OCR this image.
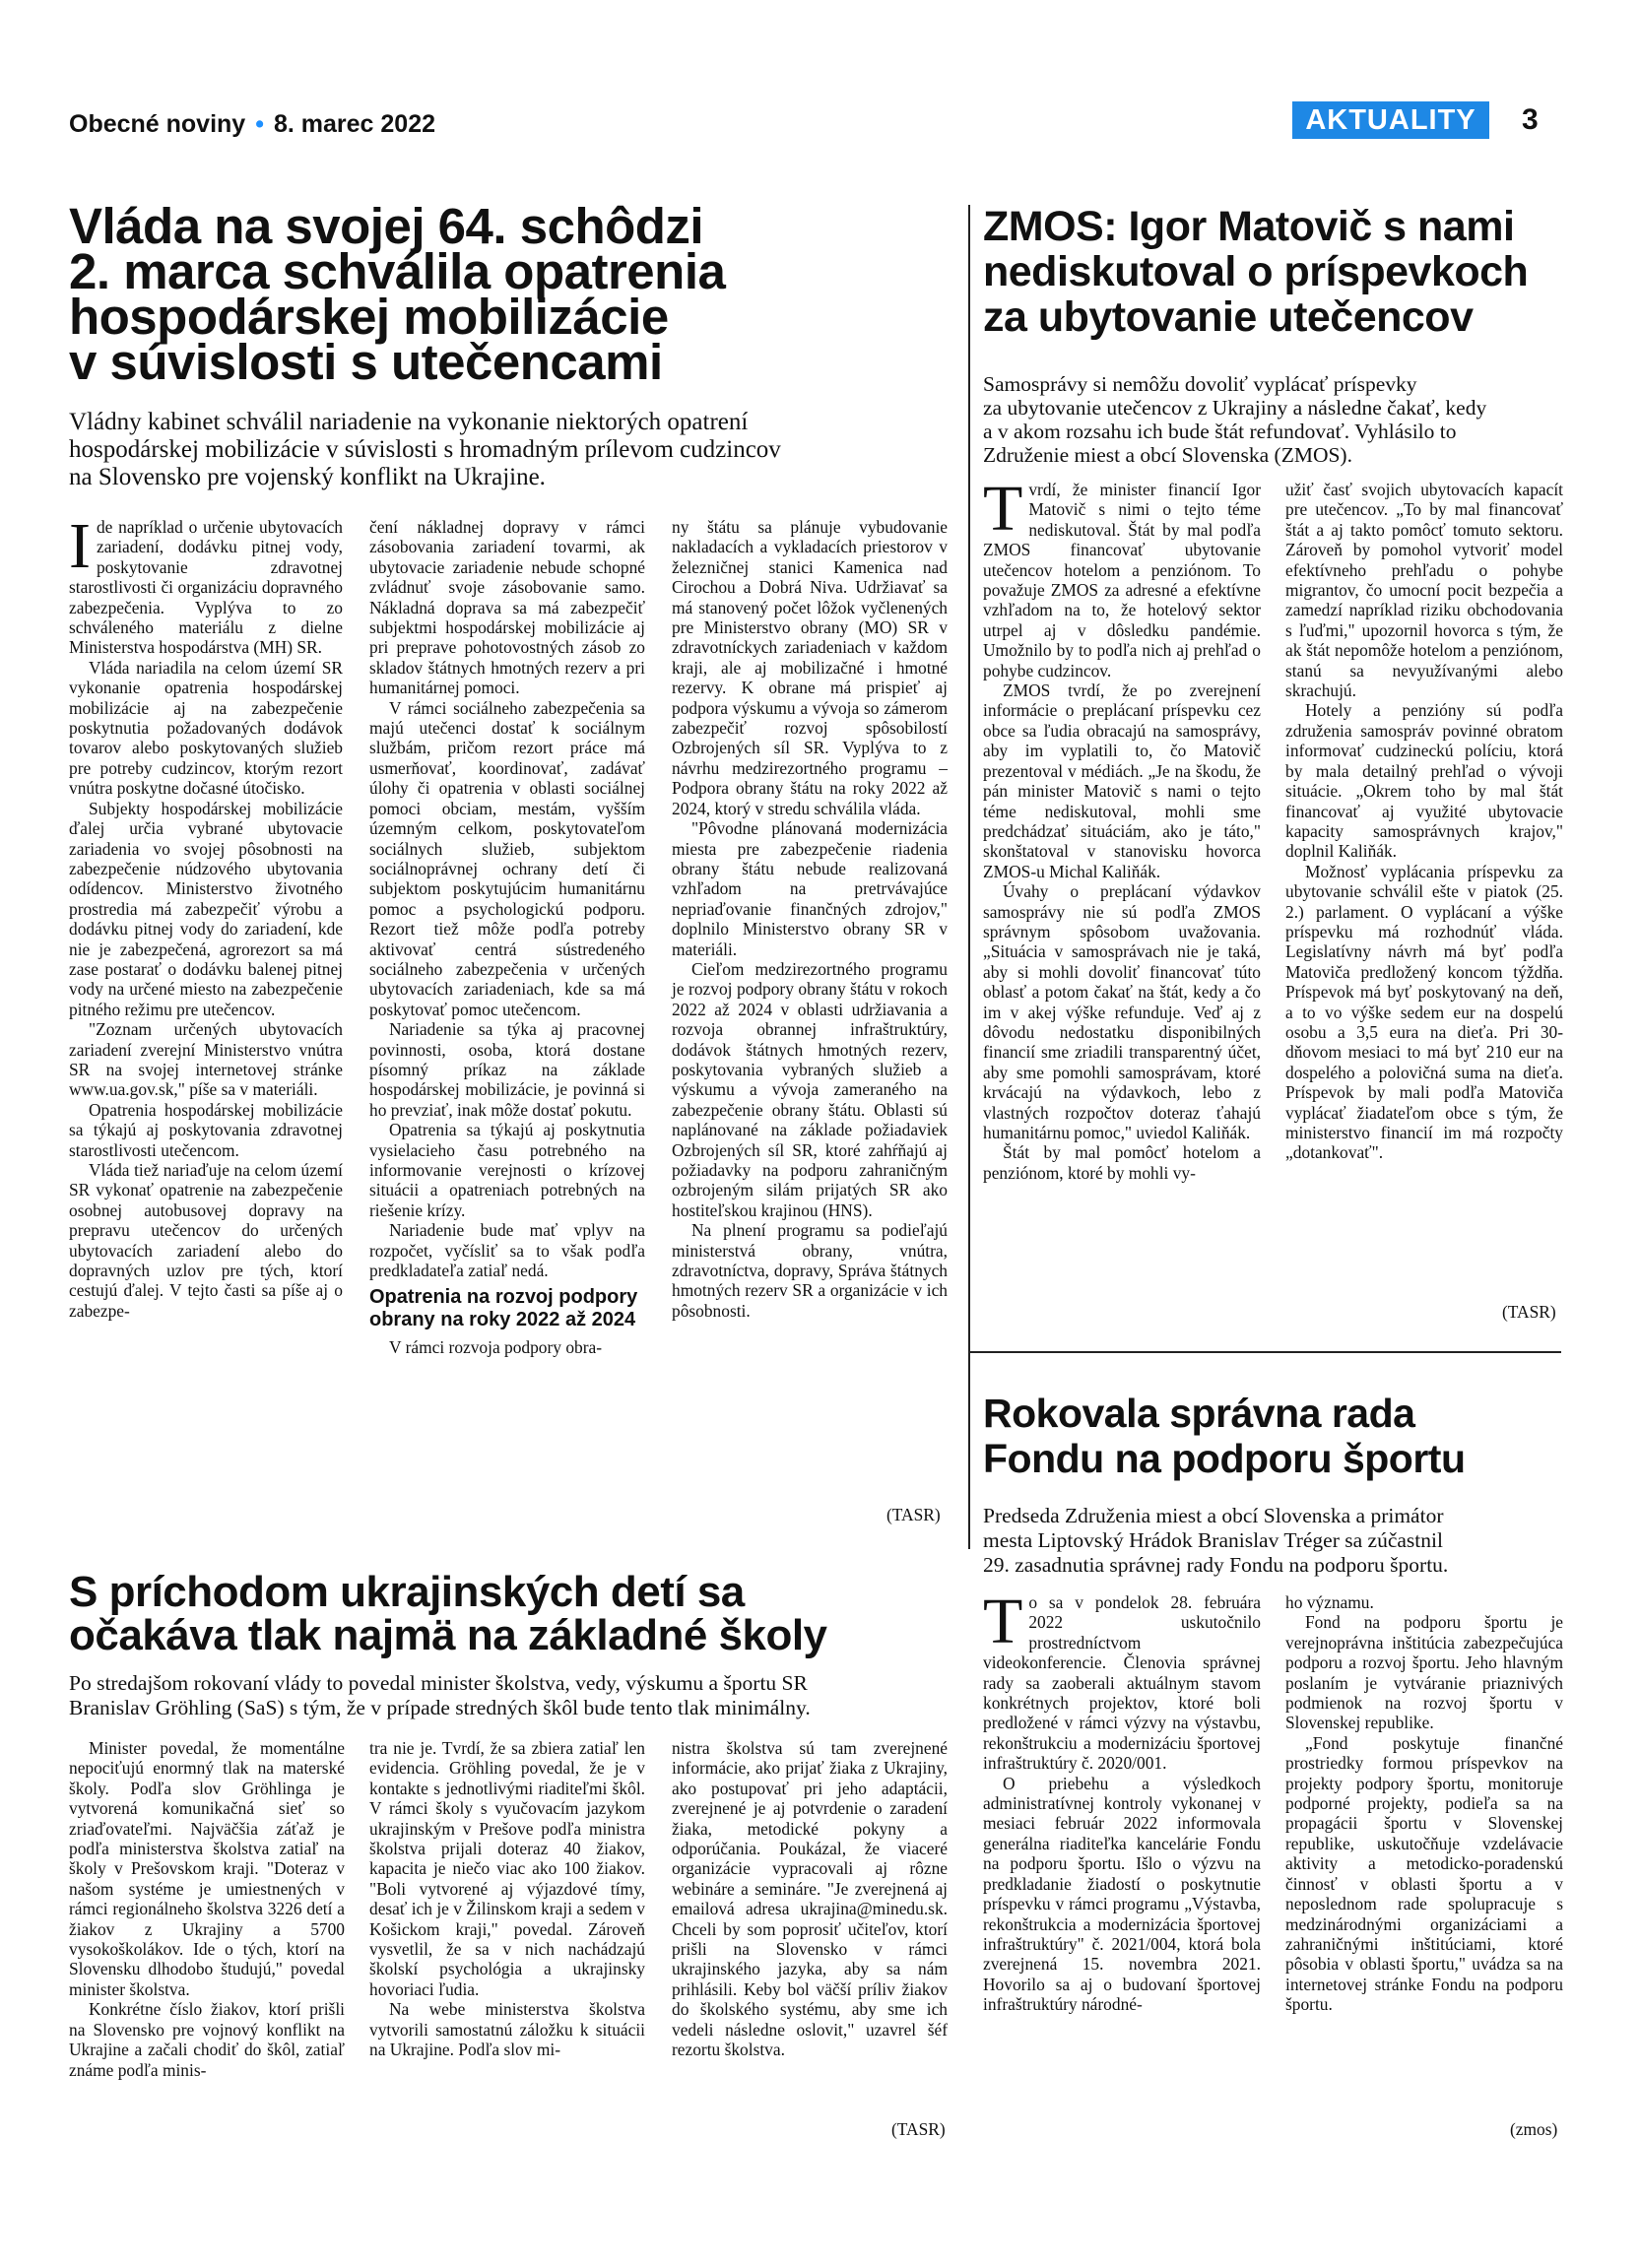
Obecné noviny • 8. marec 2022	AKTUALITY	3
Vláda na svojej 64. schôdzi
2. marca schválila opatrenia
hospodárskej mobilizácie
v súvislosti s utečencami
Vládny kabinet schválil nariadenie na vykonanie niektorých opatrení
hospodárskej mobilizácie v súvislosti s hromadným prílevom cudzincov
na Slovensko pre vojenský konflikt na Ukrajine.

Ide napríklad o určenie ubytovacích zariadení, dodávku pitnej vody, poskytovanie zdravotnej starostlivosti či organizáciu dopravného zabezpečenia. Vyplýva to zo schváleného materiálu z dielne Ministerstva hospodárstva (MH) SR.

Vláda nariadila na celom území SR vykonanie opatrenia hospodárskej mobilizácie aj na zabezpečenie poskytnutia požadovaných dodávok tovarov alebo poskytovaných služieb pre potreby cudzincov, ktorým rezort vnútra poskytne dočasné útočisko.

Subjekty hospodárskej mobilizácie ďalej určia vybrané ubytovacie zariadenia vo svojej pôsobnosti na zabezpečenie núdzového ubytovania odídencov. Ministerstvo životného prostredia má zabezpečiť výrobu a dodávku pitnej vody do zariadení, kde nie je zabezpečená, agrorezort sa má zase postarať o dodávku balenej pitnej vody na určené miesto na zabezpečenie pitného režimu pre utečencov.

"Zoznam určených ubytovacích zariadení zverejní Ministerstvo vnútra SR na svojej internetovej stránke www.ua.gov.sk," píše sa v materiáli.

Opatrenia hospodárskej mobilizácie sa týkajú aj poskytovania zdravotnej starostlivosti utečencom.

Vláda tiež nariaďuje na celom území SR vykonať opatrenie na zabezpečenie osobnej autobusovej dopravy na prepravu utečencov do určených ubytovacích zariadení alebo do dopravných uzlov pre tých, ktorí cestujú ďalej. V tejto časti sa píše aj o zabezpe-

čení nákladnej dopravy v rámci zásobovania zariadení tovarmi, ak ubytovacie zariadenie nebude schopné zvládnuť svoje zásobovanie samo. Nákladná doprava sa má zabezpečiť subjektmi hospodárskej mobilizácie aj pri preprave pohotovostných zásob zo skladov štátnych hmotných rezerv a pri humanitárnej pomoci.

V rámci sociálneho zabezpečenia sa majú utečenci dostať k sociálnym službám, pričom rezort práce má usmerňovať, koordinovať, zadávať úlohy či opatrenia v oblasti sociálnej pomoci obciam, mestám, vyšším územným celkom, poskytovateľom sociálnych služieb, subjektom sociálnoprávnej ochrany detí či subjektom poskytujúcim humanitárnu pomoc a psychologickú podporu. Rezort tiež môže podľa potreby aktivovať centrá sústredeného sociálneho zabezpečenia v určených ubytovacích zariadeniach, kde sa má poskytovať pomoc utečencom.

Nariadenie sa týka aj pracovnej povinnosti, osoba, ktorá dostane písomný príkaz na základe hospodárskej mobilizácie, je povinná si ho prevziať, inak môže dostať pokutu.

Opatrenia sa týkajú aj poskytnutia vysielacieho času potrebného na informovanie verejnosti o krízovej situácii a opatreniach potrebných na riešenie krízy.

Nariadenie bude mať vplyv na rozpočet, vyčísliť sa to však podľa predkladateľa zatiaľ nedá.

Opatrenia na rozvoj podpory obrany na roky 2022 až 2024

V rámci rozvoja podpory obra-

ny štátu sa plánuje vybudovanie nakladacích a vykladacích priestorov v železničnej stanici Kamenica nad Cirochou a Dobrá Niva. Udržiavať sa má stanovený počet lôžok vyčlenených pre Ministerstvo obrany (MO) SR v zdravotníckych zariadeniach v každom kraji, ale aj mobilizačné i hmotné rezervy. K obrane má prispieť aj podpora výskumu a vývoja so zámerom zabezpečiť rozvoj spôsobilostí Ozbrojených síl SR. Vyplýva to z návrhu medzirezortného programu – Podpora obrany štátu na roky 2022 až 2024, ktorý v stredu schválila vláda.

"Pôvodne plánovaná modernizácia miesta pre zabezpečenie riadenia obrany štátu nebude realizovaná vzhľadom na pretrvávajúce nepriaďovanie finančných zdrojov," doplnilo Ministerstvo obrany SR v materiáli.

Cieľom medzirezortného programu je rozvoj podpory obrany štátu v rokoch 2022 až 2024 v oblasti udržiavania a rozvoja obrannej infraštruktúry, dodávok štátnych hmotných rezerv, poskytovania vybraných služieb a výskumu a vývoja zameraného na zabezpečenie obrany štátu. Oblasti sú naplánované na základe požiadaviek Ozbrojených síl SR, ktoré zahŕňajú aj požiadavky na podporu zahraničným ozbrojeným silám prijatých SR ako hostiteľskou krajinou (HNS).

Na plnení programu sa podieľajú ministerstvá obrany, vnútra, zdravotníctva, dopravy, Správa štátnych hmotných rezerv SR a organizácie v ich pôsobnosti.

(TASR)
ZMOS: Igor Matovič s nami
nediskutoval o príspevkoch
za ubytovanie utečencov
Samosprávy si nemôžu dovoliť vyplácať príspevky
za ubytovanie utečencov z Ukrajiny a následne čakať, kedy
a v akom rozsahu ich bude štát refundovať. Vyhlásilo to
Združenie miest a obcí Slovenska (ZMOS).

Tvrdí, že minister financií Igor Matovič s nimi o tejto téme nediskutoval. Štát by mal podľa ZMOS financovať ubytovanie utečencov hotelom a penziónom. To považuje ZMOS za adresné a efektívne vzhľadom na to, že hotelový sektor utrpel aj v dôsledku pandémie. Umožnilo by to podľa nich aj prehľad o pohybe cudzincov.

ZMOS tvrdí, že po zverejnení informácie o preplácaní príspevku cez obce sa ľudia obracajú na samosprávy, aby im vyplatili to, čo Matovič prezentoval v médiách. „Je na škodu, že pán minister Matovič s nami o tejto téme nediskutoval, mohli sme predchádzať situáciám, ako je táto," skonštatoval v stanovisku hovorca ZMOS-u Michal Kaliňák.

Úvahy o preplácaní výdavkov samosprávy nie sú podľa ZMOS správnym spôsobom uvažovania. „Situácia v samosprávach nie je taká, aby si mohli dovoliť financovať túto oblasť a potom čakať na štát, kedy a čo im v akej výške refunduje. Veď aj z dôvodu nedostatku disponibilných financií sme zriadili transparentný účet, aby sme pomohli samosprávam, ktoré krvácajú na výdavkoch, lebo z vlastných rozpočtov doteraz ťahajú humanitárnu pomoc," uviedol Kaliňák.

Štát by mal pomôcť hotelom a penziónom, ktoré by mohli vy-

užiť časť svojich ubytovacích kapacít pre utečencov. „To by mal financovať štát a aj takto pomôcť tomuto sektoru. Zároveň by pomohol vytvoriť model efektívneho prehľadu o pohybe migrantov, čo umocní pocit bezpečia a zamedzí napríklad riziku obchodovania s ľuďmi," upozornil hovorca s tým, že ak štát nepomôže hotelom a penziónom, stanú sa nevyužívanými alebo skrachujú.

Hotely a penzióny sú podľa združenia samospráv povinné obratom informovať cudzineckú políciu, ktorá by mala detailný prehľad o vývoji situácie. „Okrem toho by mal štát financovať aj využité ubytovacie kapacity samosprávnych krajov," doplnil Kaliňák.

Možnosť vyplácania príspevku za ubytovanie schválil ešte v piatok (25. 2.) parlament. O vyplácaní a výške príspevku má rozhodnúť vláda. Legislatívny návrh má byť podľa Matoviča predložený koncom týždňa. Príspevok má byť poskytovaný na deň, a to vo výške sedem eur na dospelú osobu a 3,5 eura na dieťa. Pri 30-dňovom mesiaci to má byť 210 eur na dospelého a polovičná suma na dieťa. Príspevok by mali podľa Matoviča vyplácať žiadateľom obce s tým, že ministerstvo financií im má rozpočty „dotankovať".

(TASR)
S príchodom ukrajinských detí sa
očakáva tlak najmä na základné školy
Po stredajšom rokovaní vlády to povedal minister školstva, vedy, výskumu a športu SR
Branislav Gröhling (SaS) s tým, že v prípade stredných škôl bude tento tlak minimálny.

Minister povedal, že momentálne nepociťujú enormný tlak na materské školy. Podľa slov Gröhlinga je vytvorená komunikačná sieť so zriaďovateľmi. Najväčšia záťaž je podľa ministerstva školstva zatiaľ na školy v Prešovskom kraji. "Doteraz v našom systéme je umiestnených v rámci regionálneho školstva 3226 detí a žiakov z Ukrajiny a 5700 vysokoškolákov. Ide o tých, ktorí na Slovensku dlhodobo študujú," povedal minister školstva.

Konkrétne číslo žiakov, ktorí prišli na Slovensko pre vojnový konflikt na Ukrajine a začali chodiť do škôl, zatiaľ známe podľa minis-

tra nie je. Tvrdí, že sa zbiera zatiaľ len evidencia. Gröhling povedal, že je v kontakte s jednotlivými riaditeľmi škôl. V rámci školy s vyučovacím jazykom ukrajinským v Prešove podľa ministra školstva prijali doteraz 40 žiakov, kapacita je niečo viac ako 100 žiakov. "Boli vytvorené aj výjazdové tímy, desať ich je v Žilinskom kraji a sedem v Košickom kraji," povedal. Zároveň vysvetlil, že sa v nich nachádzajú školskí psychológia a ukrajinsky hovoriaci ľudia.

Na webe ministerstva školstva vytvorili samostatnú záložku k situácii na Ukrajine. Podľa slov mi-

nistra školstva sú tam zverejnené informácie, ako prijať žiaka z Ukrajiny, ako postupovať pri jeho adaptácii, zverejnené je aj potvrdenie o zaradení žiaka, metodické pokyny a odporúčania. Poukázal, že viaceré organizácie vypracovali aj rôzne webináre a semináre. "Je zverejnená aj emailová adresa ukrajina@minedu.sk. Chceli by som poprosiť učiteľov, ktorí prišli na Slovensko v rámci ukrajinského jazyka, aby sa nám prihlásili. Keby bol väčší príliv žiakov do školského systému, aby sme ich vedeli následne oslovit," uzavrel šéf rezortu školstva.

(TASR)
Rokovala správna rada
Fondu na podporu športu
Predseda Združenia miest a obcí Slovenska a primátor
mesta Liptovský Hrádok Branislav Tréger sa zúčastnil
29. zasadnutia správnej rady Fondu na podporu športu.

To sa v pondelok 28. februára 2022 uskutočnilo prostredníctvom videokonferencie. Členovia správnej rady sa zaoberali aktuálnym stavom konkrétnych projektov, ktoré boli predložené v rámci výzvy na výstavbu, rekonštrukciu a modernizáciu športovej infraštruktúry č. 2020/001.

O priebehu a výsledkoch administratívnej kontroly vykonanej v mesiaci február 2022 informovala generálna riaditeľka kancelárie Fondu na podporu športu. Išlo o výzvu na predkladanie žiadostí o poskytnutie príspevku v rámci programu „Výstavba, rekonštrukcia a modernizácia športovej infraštruktúry" č. 2021/004, ktorá bola zverejnená 15. novembra 2021. Hovorilo sa aj o budovaní športovej infraštruktúry národné-

ho významu.

Fond na podporu športu je verejnoprávna inštitúcia zabezpečujúca podporu a rozvoj športu. Jeho hlavným poslaním je vytváranie priaznivých podmienok na rozvoj športu v Slovenskej republike.

„Fond poskytuje finančné prostriedky formou príspevkov na projekty podpory športu, monitoruje podporné projekty, podieľa sa na propagácii športu v Slovenskej republike, uskutočňuje vzdelávacie aktivity a metodicko-poradenskú činnosť v oblasti športu a v neposlednom rade spolupracuje s medzinárodnými organizáciami a zahraničnými inštitúciami, ktoré pôsobia v oblasti športu," uvádza sa na internetovej stránke Fondu na podporu športu.

(zmos)
